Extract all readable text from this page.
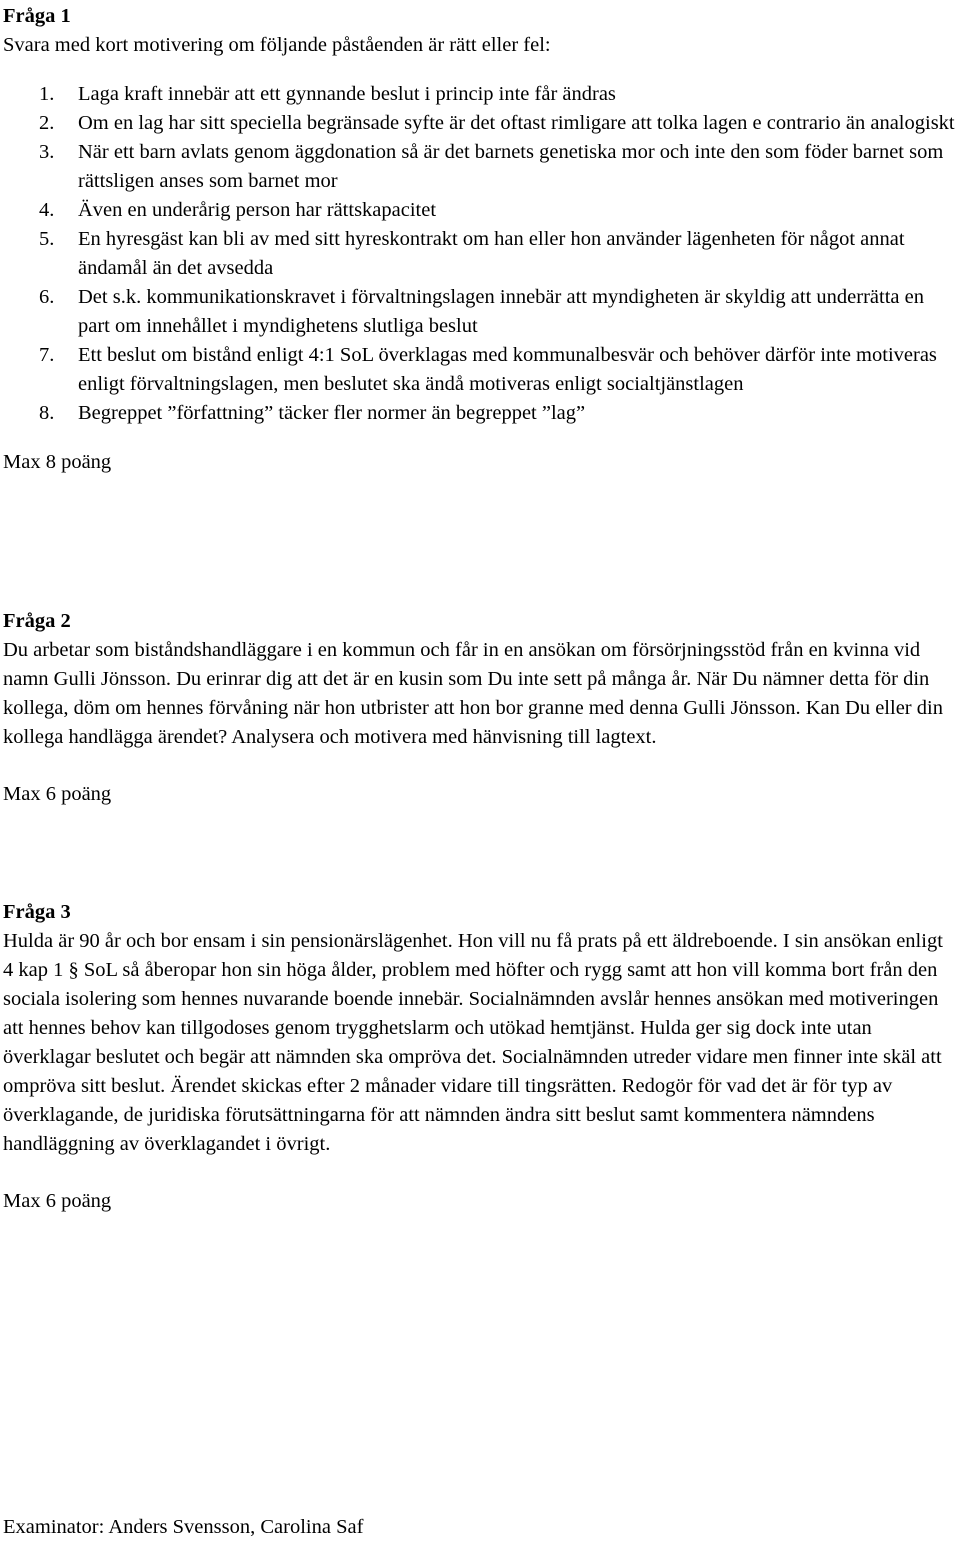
Fråga 1

Svara med kort motivering om följande påståenden är rätt eller fel:

1. Laga kraft innebär att ett gynnande beslut i princip inte får ändras
2. Om en lag har sitt speciella begränsade syfte är det oftast rimligare att tolka lagen e contrario än analogiskt
3. När ett barn avlats genom äggdonation så är det barnets genetiska mor och inte den som föder barnet som rättsligen anses som barnet mor
4. Även en underårig person har rättskapacitet
5. En hyresgäst kan bli av med sitt hyreskontrakt om han eller hon använder lägenheten för något annat ändamål än det avsedda
6. Det s.k. kommunikationskravet i förvaltningslagen innebär att myndigheten är skyldig att underrätta en part om innehållet i myndighetens slutliga beslut
7. Ett beslut om bistånd enligt 4:1 SoL överklagas med kommunalbesvär och behöver därför inte motiveras enligt förvaltningslagen, men beslutet ska ändå motiveras enligt socialtjänstlagen
8. Begreppet ”författning” täcker fler normer än begreppet ”lag”

Max 8 poäng

Fråga 2

Du arbetar som biståndshandläggare i en kommun och får in en ansökan om försörjningsstöd från en kvinna vid namn Gulli Jönsson. Du erinrar dig att det är en kusin som Du inte sett på många år. När Du nämner detta för din kollega, döm om hennes förvåning när hon utbrister att hon bor granne med denna Gulli Jönsson. Kan Du eller din kollega handlägga ärendet? Analysera och motivera med hänvisning till lagtext.

Max 6 poäng

Fråga 3

Hulda är 90 år och bor ensam i sin pensionärslägenhet. Hon vill nu få prats på ett äldreboende. I sin ansökan enligt 4 kap 1 § SoL så åberopar hon sin höga ålder, problem med höfter och rygg samt att hon vill komma bort från den sociala isolering som hennes nuvarande boende innebär. Socialnämnden avslår hennes ansökan med motiveringen att hennes behov kan tillgodoses genom trygghetslarm och utökad hemtjänst. Hulda ger sig dock inte utan överklagar beslutet och begär att nämnden ska ompröva det. Socialnämnden utreder vidare men finner inte skäl att ompröva sitt beslut. Ärendet skickas efter 2 månader vidare till tingsrätten. Redogör för vad det är för typ av överklagande, de juridiska förutsättningarna för att nämnden ändra sitt beslut samt kommentera nämndens handläggning av överklagandet i övrigt.

Max 6 poäng

Examinator: Anders Svensson, Carolina Saf
